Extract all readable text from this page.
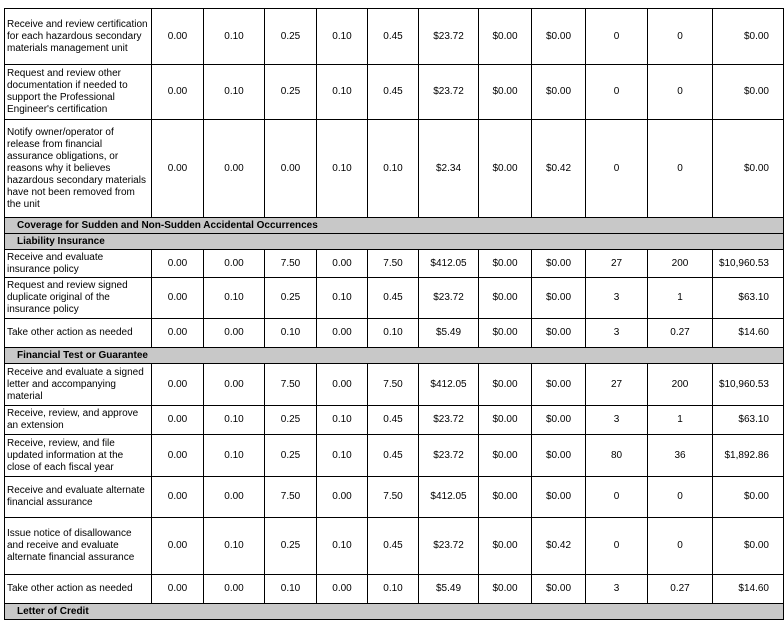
Receive and review certification for each hazardous secondary materials management unit	0.00	0.10	0.25	0.10	0.45	$23.72	$0.00	$0.00	0	0	$0.00
Request and review other documentation if needed to support the Professional Engineer's certification	0.00	0.10	0.25	0.10	0.45	$23.72	$0.00	$0.00	0	0	$0.00
Notify owner/operator of release from financial assurance obligations, or reasons why it believes hazardous secondary materials have not been removed from the unit	0.00	0.00	0.00	0.10	0.10	$2.34	$0.00	$0.42	0	0	$0.00
Coverage for Sudden and Non-Sudden Accidental Occurrences											
Liability Insurance											
Receive and evaluate insurance policy	0.00	0.00	7.50	0.00	7.50	$412.05	$0.00	$0.00	27	200	$10,960.53
Request and review signed duplicate original of the insurance policy	0.00	0.10	0.25	0.10	0.45	$23.72	$0.00	$0.00	3	1	$63.10
Take other action as needed	0.00	0.00	0.10	0.00	0.10	$5.49	$0.00	$0.00	3	0.27	$14.60
Financial Test or Guarantee											
Receive and evaluate a signed letter and accompanying material	0.00	0.00	7.50	0.00	7.50	$412.05	$0.00	$0.00	27	200	$10,960.53
Receive, review, and approve an extension	0.00	0.10	0.25	0.10	0.45	$23.72	$0.00	$0.00	3	1	$63.10
Receive, review, and file updated information at the close of each fiscal year	0.00	0.10	0.25	0.10	0.45	$23.72	$0.00	$0.00	80	36	$1,892.86
Receive and evaluate alternate financial assurance	0.00	0.00	7.50	0.00	7.50	$412.05	$0.00	$0.00	0	0	$0.00
Issue notice of disallowance and receive and evaluate alternate financial assurance	0.00	0.10	0.25	0.10	0.45	$23.72	$0.00	$0.42	0	0	$0.00
Take other action as needed	0.00	0.00	0.10	0.00	0.10	$5.49	$0.00	$0.00	3	0.27	$14.60
Letter of Credit											
